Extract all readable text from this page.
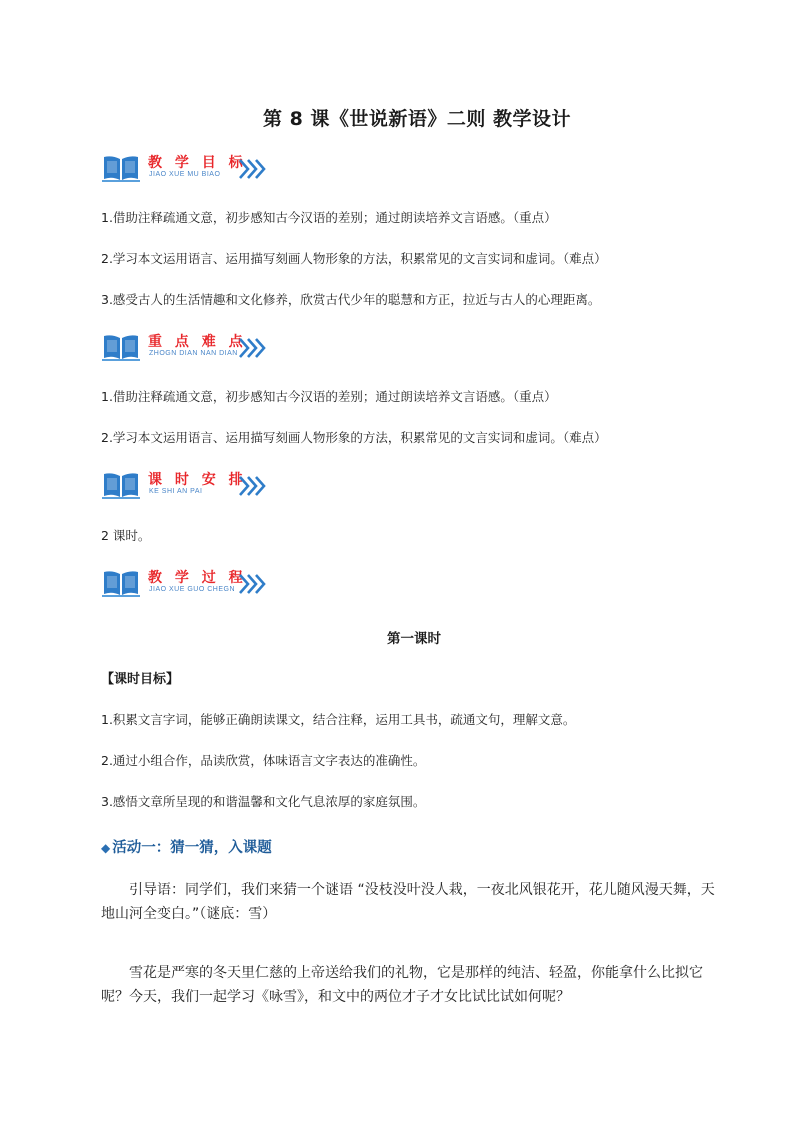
第 8 课《世说新语》二则 教学设计
教 学 目 标
JIAO XUE MU BIAO
1.借助注释疏通文意，初步感知古今汉语的差别；通过朗读培养文言语感。（重点）
2.学习本文运用语言、运用描写刻画人物形象的方法，积累常见的文言实词和虚词。（难点）
3.感受古人的生活情趣和文化修养，欣赏古代少年的聪慧和方正，拉近与古人的心理距离。
重 点 难 点
ZHOGN DIAN NAN DIAN
1.借助注释疏通文意，初步感知古今汉语的差别；通过朗读培养文言语感。（重点）
2.学习本文运用语言、运用描写刻画人物形象的方法，积累常见的文言实词和虚词。（难点）
课 时 安 排
KE SHI AN PAI
2 课时。
教 学 过 程
JIAO XUE GUO CHEGN
第一课时
【课时目标】
1.积累文言字词，能够正确朗读课文，结合注释，运用工具书，疏通文句，理解文意。
2.通过小组合作，品读欣赏，体味语言文字表达的准确性。
3.感悟文章所呈现的和谐温馨和文化气息浓厚的家庭氛围。
◆ 活动一：猜一猜，入课题
引导语：同学们，我们来猜一个谜语 “没枝没叶没人栽，一夜北风银花开，花儿随风漫天舞，天地山河全变白。”（谜底：雪）
雪花是严寒的冬天里仁慈的上帝送给我们的礼物，它是那样的纯洁、轻盈，你能拿什么比拟它呢？今天，我们一起学习《咏雪》，和文中的两位才子才女比试比试如何呢？
